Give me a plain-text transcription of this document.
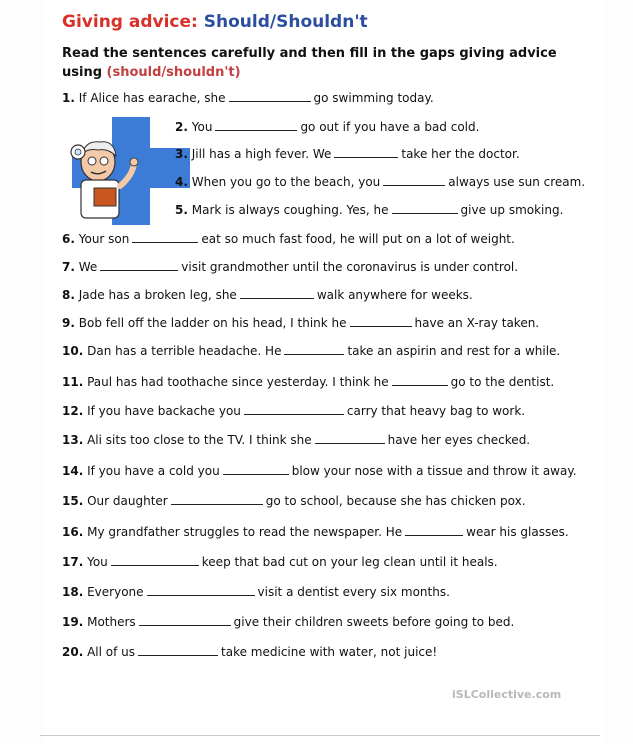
Giving advice: Should/Shouldn't
Read the sentences carefully and then fill in the gaps giving advice using (should/shouldn't)
1. If Alice has earache, she	go swimming today.
2. You	go out if you have a bad cold.
3. Jill has a high fever. We	take her the doctor.
4. When you go to the beach, you	always use sun cream.
5. Mark is always coughing. Yes, he	give up smoking.
6. Your son	eat so much fast food, he will put on a lot of weight.
7. We	visit grandmother until the coronavirus is under control.
8. Jade has a broken leg, she	walk anywhere for weeks.
9. Bob fell off the ladder on his head, I think he	have an X-ray taken.
10. Dan has a terrible headache. He	take an aspirin and rest for a while.
11. Paul has had toothache since yesterday. I think he	go to the dentist.
12. If you have backache you	carry that heavy bag to work.
13. Ali sits too close to the TV. I think she	have her eyes checked.
14. If you have a cold you	blow your nose with a tissue and throw it away.
15. Our daughter	go to school, because she has chicken pox.
16. My grandfather struggles to read the newspaper. He	wear his glasses.
17. You	keep that bad cut on your leg clean until it heals.
18. Everyone	visit a dentist every six months.
19. Mothers	give their children sweets before going to bed.
20. All of us	take medicine with water, not juice!
iSLCollective.com
